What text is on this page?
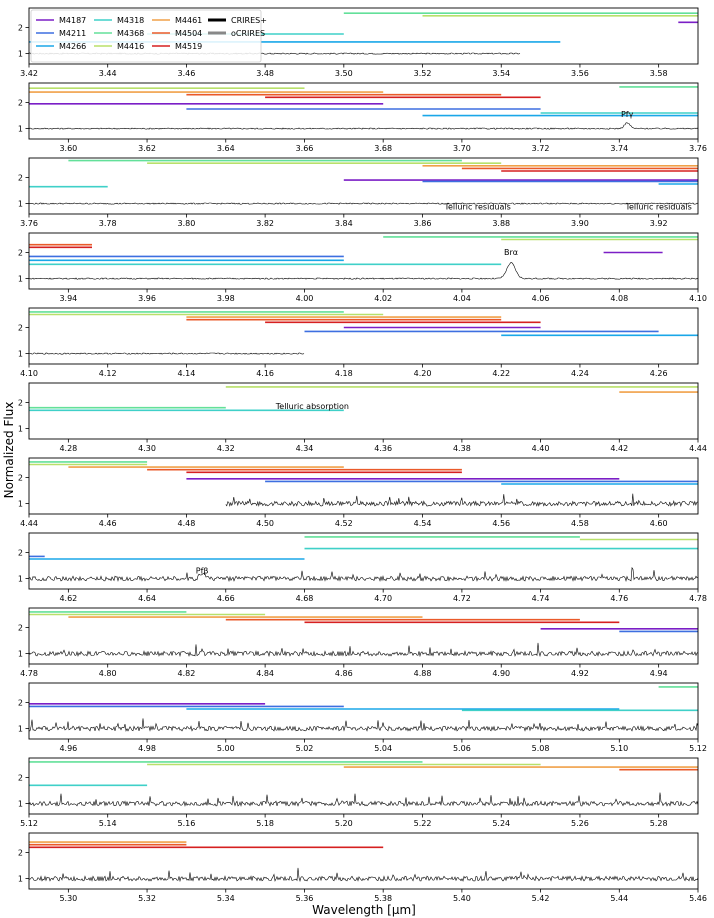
3.42	3.44	3.46	3.48	3.50	3.52	3.54	3.56	3.58
1
2
3.60	3.62	3.64	3.66	3.68	3.70	3.72	3.74	3.76
1
2
Pfγ
3.76	3.78	3.80	3.82	3.84	3.86	3.88	3.90	3.92
1
2
Telluric residuals	Telluric residuals
3.94	3.96	3.98	4.00	4.02	4.04	4.06	4.08	4.10
1
2	Brα
4.10	4.12	4.14	4.16	4.18	4.20	4.22	4.24	4.26
1
2
4.28	4.30	4.32	4.34	4.36	4.38	4.40	4.42	4.44
1
2	Telluric absorption
4.44	4.46	4.48	4.50	4.52	4.54	4.56	4.58	4.60
1
2
4.62	4.64	4.66	4.68	4.70	4.72	4.74	4.76	4.78
1
2
Pfβ
4.78	4.80	4.82	4.84	4.86	4.88	4.90	4.92	4.94
1
2
4.96	4.98	5.00	5.02	5.04	5.06	5.08	5.10	5.12
1
2
5.12	5.14	5.16	5.18	5.20	5.22	5.24	5.26	5.28
1
2
5.30	5.32	5.34	5.36	5.38	5.40	5.42	5.44	5.46
1
2
M4187
M4211
M4266
M4318
M4368
M4416
M4461
M4504
M4519
CRIRES+
oCRIRES
Normalized Flux
Wavelength [μm]
